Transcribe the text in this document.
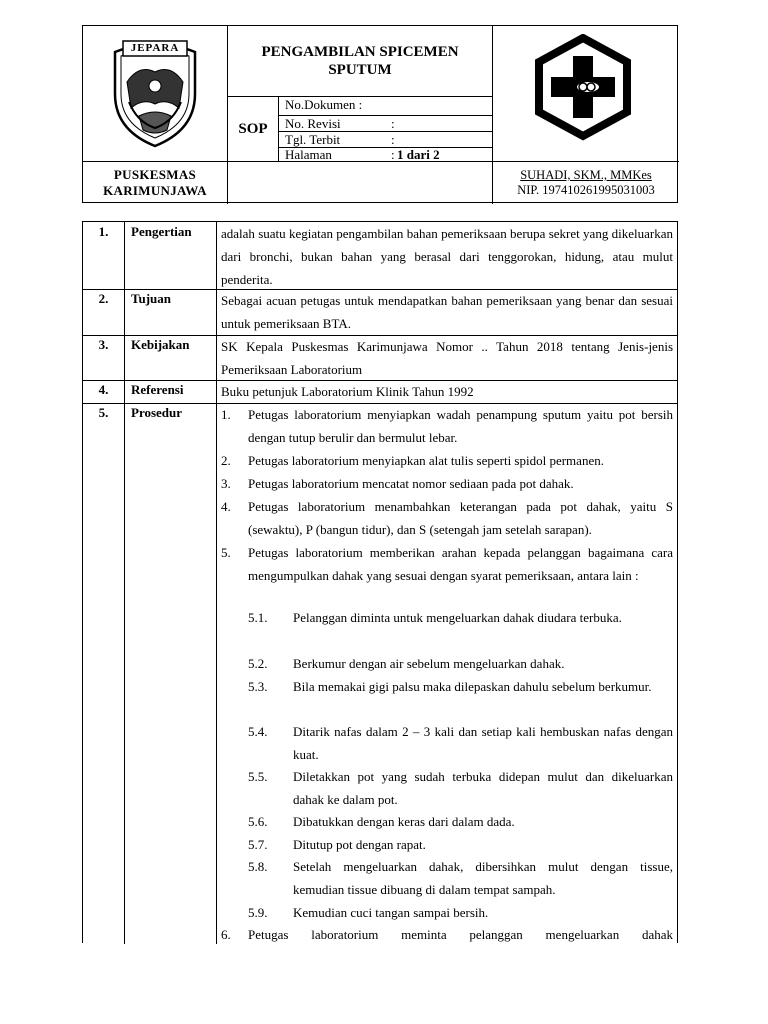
JEPARA	PENGAMBILAN SPICEMEN
SPUTUM
SOP
No.Dokumen :
No. Revisi	:
Tgl. Terbit	:
Halaman	: 1 dari 2
PUSKESMAS
KARIMUNJAWA
SUHADI, SKM., MMKes
NIP. 197410261995031003
1.	Pengertian	adalah suatu kegiatan pengambilan bahan pemeriksaan berupa sekret yang dikeluarkan dari bronchi, bukan bahan yang berasal dari tenggorokan, hidung, atau mulut penderita.
2.	Tujuan	Sebagai acuan petugas untuk mendapatkan bahan pemeriksaan yang benar dan sesuai untuk pemeriksaan BTA.
3.	Kebijakan	SK Kepala Puskesmas Karimunjawa Nomor .. Tahun 2018 tentang Jenis-jenis Pemeriksaan Laboratorium
4.	Referensi	Buku petunjuk Laboratorium Klinik Tahun 1992
5.	Prosedur	1. Petugas laboratorium menyiapkan wadah penampung sputum yaitu pot bersih dengan tutup berulir dan bermulut lebar.
2. Petugas laboratorium menyiapkan alat tulis seperti spidol permanen.
3. Petugas laboratorium mencatat nomor sediaan pada pot dahak.
4. Petugas laboratorium menambahkan keterangan pada pot dahak, yaitu S (sewaktu), P (bangun tidur), dan S (setengah jam setelah sarapan).
5. Petugas laboratorium memberikan arahan kepada pelanggan bagaimana cara mengumpulkan dahak yang sesuai dengan syarat pemeriksaan, antara lain :
5.1. Pelanggan diminta untuk mengeluarkan dahak diudara terbuka.
5.2. Berkumur dengan air sebelum mengeluarkan dahak.
5.3. Bila memakai gigi palsu maka dilepaskan dahulu sebelum berkumur.
5.4. Ditarik nafas dalam 2 – 3 kali dan setiap kali hembuskan nafas dengan kuat.
5.5. Diletakkan pot yang sudah terbuka didepan mulut dan dikeluarkan dahak ke dalam pot.
5.6. Dibatukkan dengan keras dari dalam dada.
5.7. Ditutup pot dengan rapat.
5.8. Setelah mengeluarkan dahak, dibersihkan mulut dengan tissue, kemudian tissue dibuang di dalam tempat sampah.
5.9. Kemudian cuci tangan sampai bersih.
6. Petugas laboratorium meminta pelanggan mengeluarkan dahak
